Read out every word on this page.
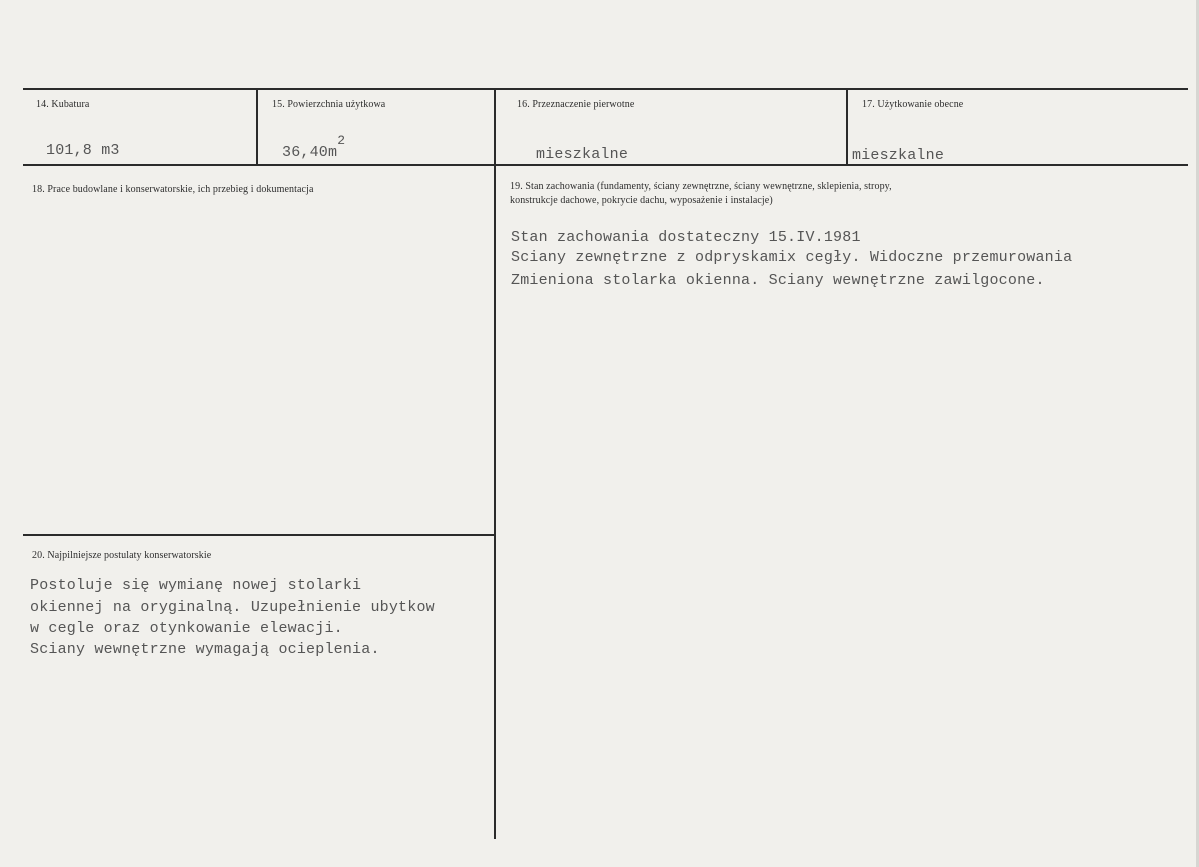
14. Kubatura
101,8 m3
15. Powierzchnia użytkowa
36,40m2
16. Przeznaczenie pierwotne
mieszkalne
17. Użytkowanie obecne
mieszkalne
18. Prace budowlane i konserwatorskie, ich przebieg i dokumentacja	19. Stan zachowania (fundamenty, ściany zewnętrzne, ściany wewnętrzne, sklepienia, stropy,
konstrukcje dachowe, pokrycie dachu, wyposażenie i instalacje)
Stan zachowania dostateczny 15.IV.1981
Sciany zewnętrzne z odpryskamix cegły. Widoczne przemurowania
Zmieniona stolarka okienna. Sciany wewnętrzne zawilgocone.
20. Najpilniejsze postulaty konserwatorskie
Postoluje się wymianę nowej stolarki
okiennej na oryginalną. Uzupełnienie ubytkow
w cegle oraz otynkowanie elewacji.
Sciany wewnętrzne wymagają ocieplenia.
